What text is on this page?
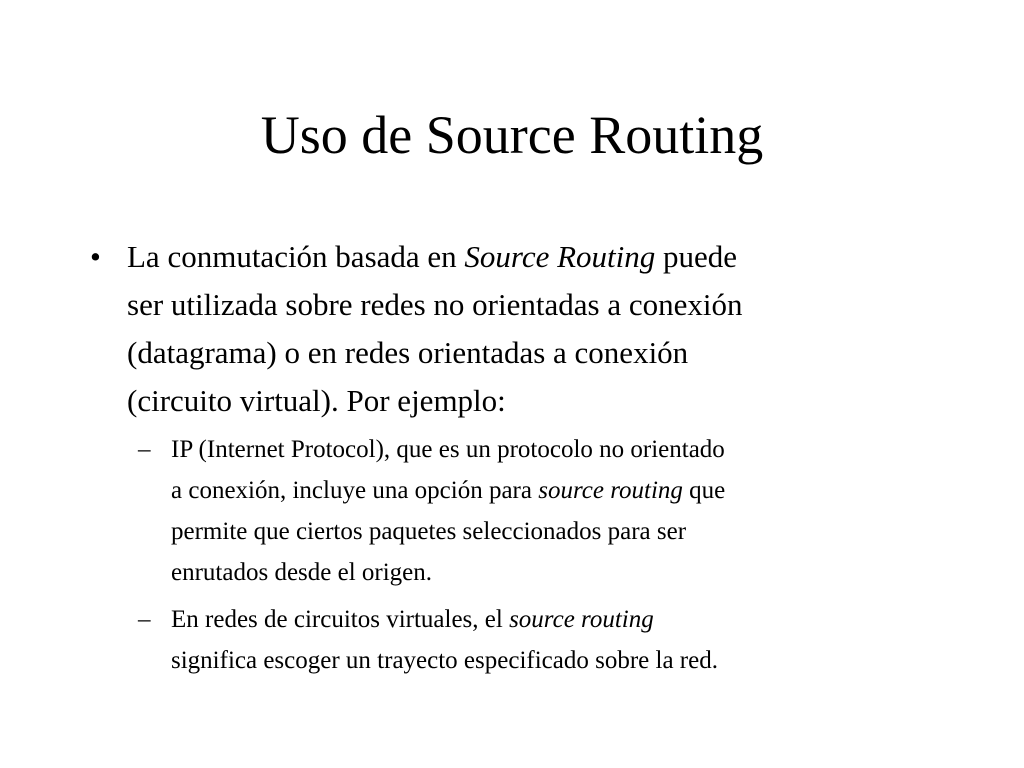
Uso de Source Routing
• La conmutación basada en Source Routing puede
ser utilizada sobre redes no orientadas a conexión
(datagrama) o en redes orientadas a conexión
(circuito virtual). Por ejemplo:
– IP (Internet Protocol), que es un protocolo no orientado
a conexión, incluye una opción para source routing que
permite que ciertos paquetes seleccionados para ser
enrutados desde el origen.
– En redes de circuitos virtuales, el source routing
significa escoger un trayecto especificado sobre la red.
